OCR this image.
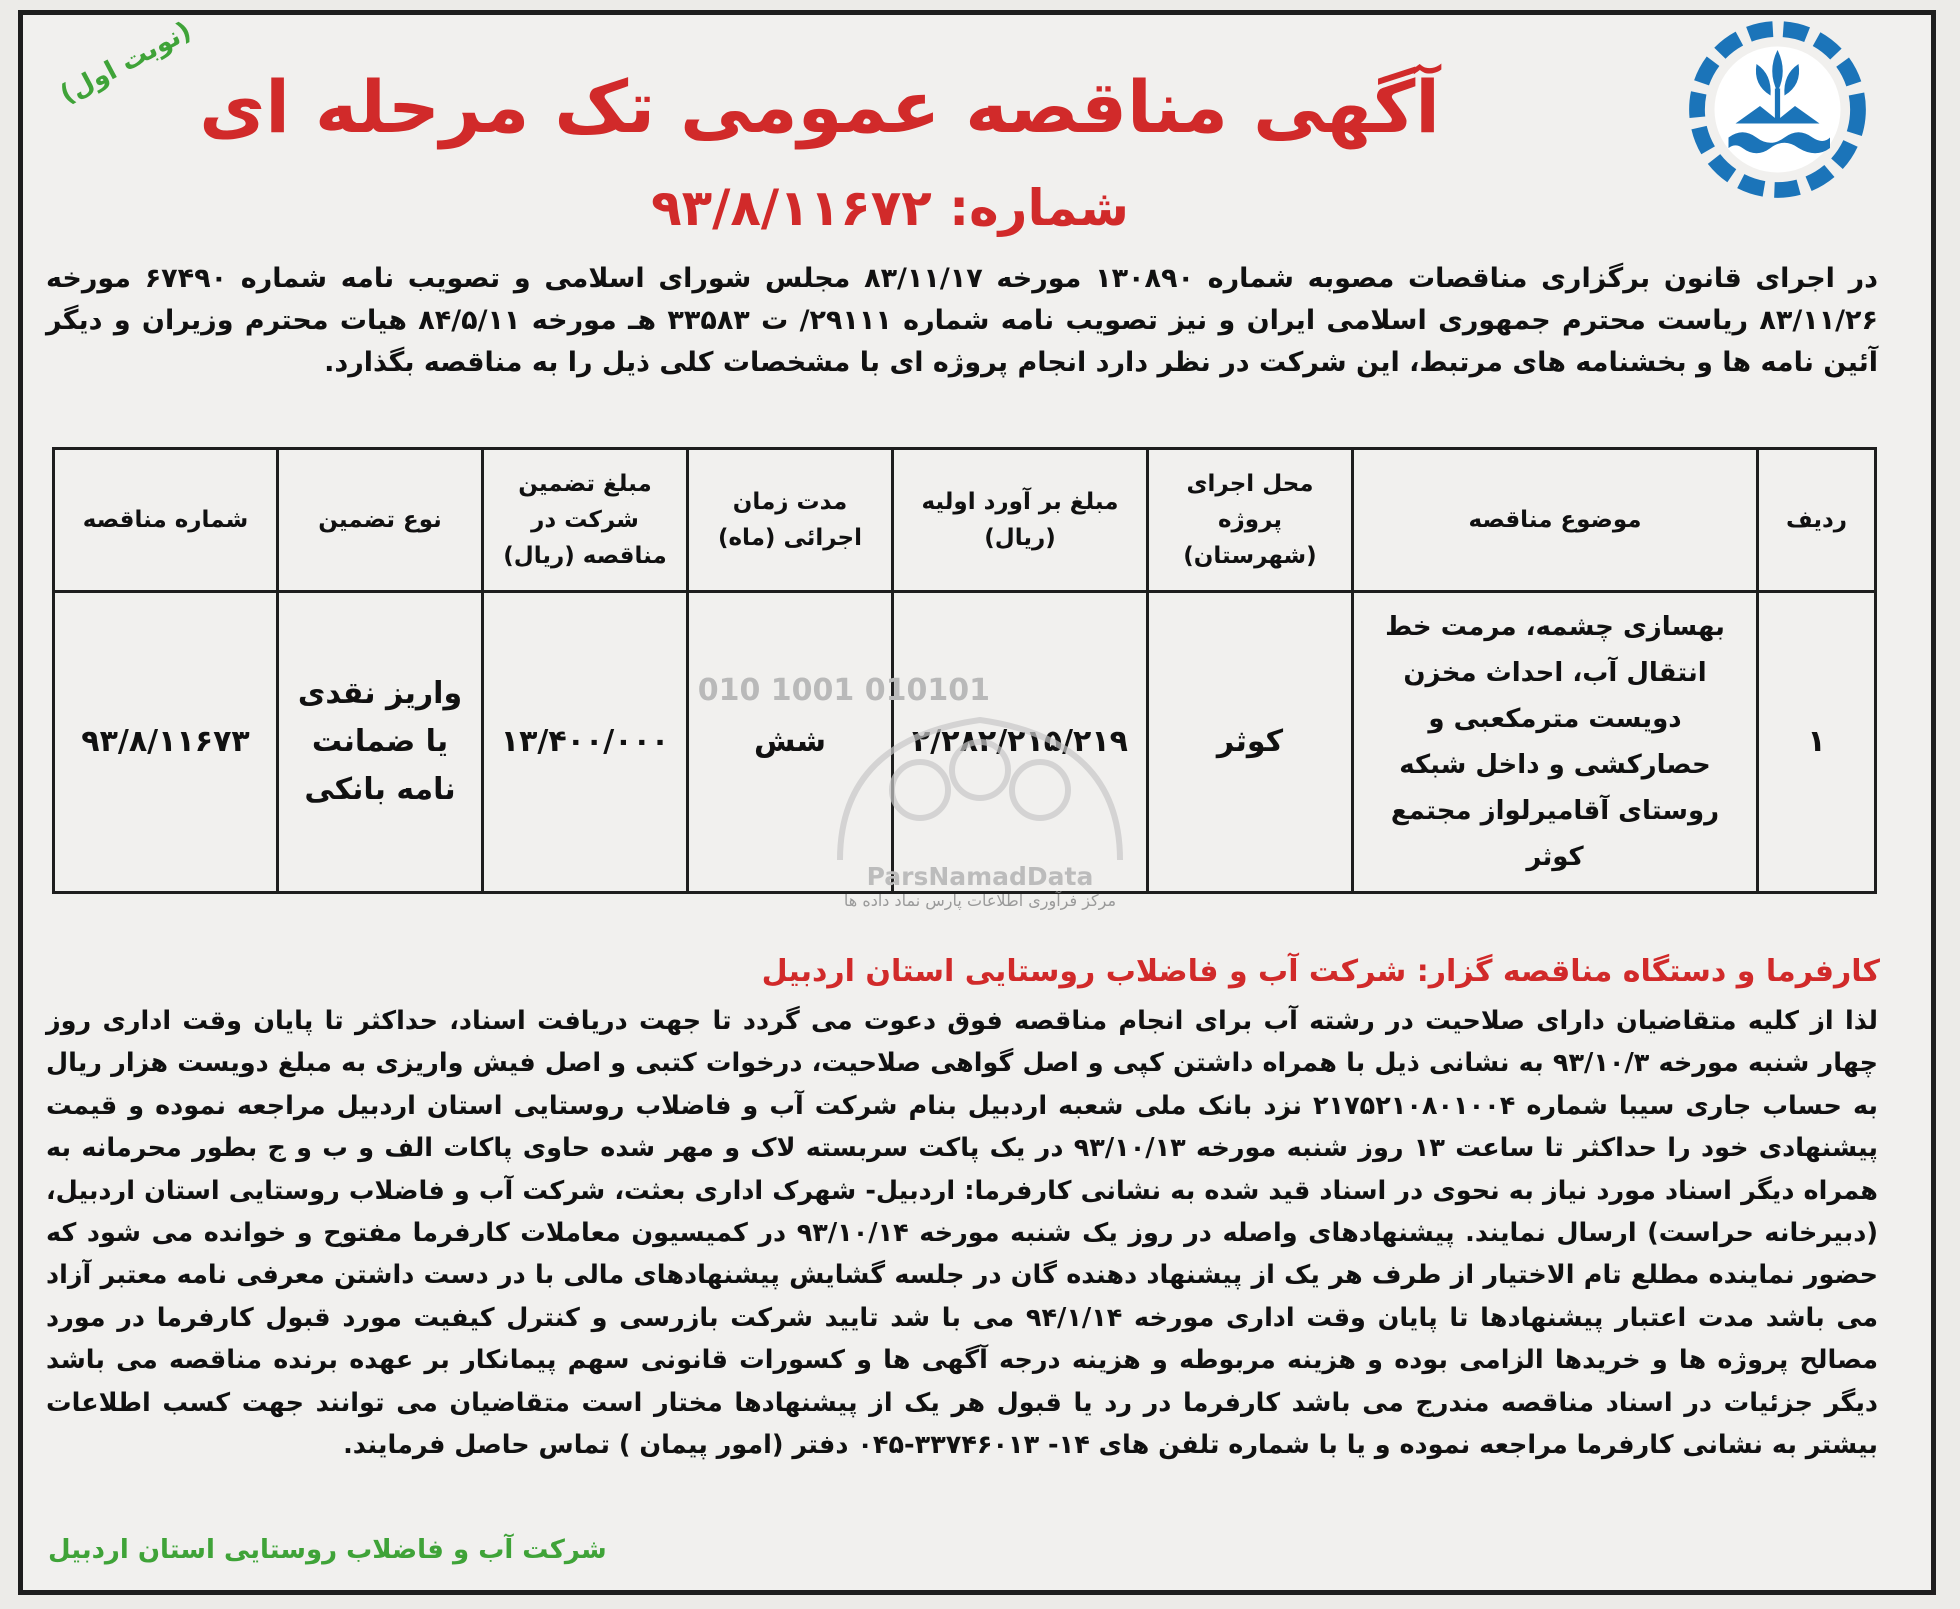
(نوبت اول) آگهی مناقصه عمومی تک مرحله ای
شماره: ۹۳/۸/۱۱۶۷۲
در اجرای قانون برگزاری مناقصات مصوبه شماره ۱۳۰۸۹۰ مورخه ۸۳/۱۱/۱۷ مجلس شورای اسلامی و تصویب نامه شماره ۶۷۴۹۰ مورخه ۸۳/۱۱/۲۶ ریاست محترم جمهوری اسلامی ایران و نیز تصویب نامه شماره ۲۹۱۱۱/ ت ۳۳۵۸۳ هـ مورخه ۸۴/۵/۱۱ هیات محترم وزیران و دیگر آئین نامه ها و بخشنامه های مرتبط، این شرکت در نظر دارد انجام پروژه ای با مشخصات کلی ذیل را به مناقصه بگذارد.
ردیف	موضوع مناقصه	محل اجرای پروژه (شهرستان)	مبلغ بر آورد اولیه (ریال)	مدت زمان اجرائی (ماه)	مبلغ تضمین شرکت در مناقصه (ریال)	نوع تضمین	شماره مناقصه
۱	بهسازی چشمه، مرمت خط انتقال آب، احداث مخزن دویست مترمکعبی و حصارکشی و داخل شبکه روستای آقامیرلواز مجتمع کوثر	کوثر	۲/۲۸۲/۲۱۵/۲۱۹	شش	۱۳/۴۰۰/۰۰۰	واریز نقدی یا ضمانت نامه بانکی	۹۳/۸/۱۱۶۷۳
010101 1001 010
ParsNamadData
مرکز فرآوری اطلاعات پارس نماد داده ها
کارفرما و دستگاه مناقصه گزار: شرکت آب و فاضلاب روستایی استان اردبیل
لذا از کلیه متقاضیان دارای صلاحیت در رشته آب برای انجام مناقصه فوق دعوت می گردد تا جهت دریافت اسناد، حداکثر تا پایان وقت اداری روز چهار شنبه مورخه ۹۳/۱۰/۳ به نشانی ذیل با همراه داشتن کپی و اصل گواهی صلاحیت، درخوات کتبی و اصل فیش واریزی به مبلغ دویست هزار ریال به حساب جاری سیبا شماره ۲۱۷۵۲۱۰۸۰۱۰۰۴ نزد بانک ملی شعبه اردبیل بنام شرکت آب و فاضلاب روستایی استان اردبیل مراجعه نموده و قیمت پیشنهادی خود را حداکثر تا ساعت ۱۳ روز شنبه مورخه ۹۳/۱۰/۱۳ در یک پاکت سربسته لاک و مهر شده حاوی پاکات الف و ب و ج بطور محرمانه به همراه دیگر اسناد مورد نیاز به نحوی در اسناد قید شده به نشانی کارفرما: اردبیل- شهرک اداری بعثت، شرکت آب و فاضلاب روستایی استان اردبیل، (دبیرخانه حراست) ارسال نمایند. پیشنهادهای واصله در روز یک شنبه مورخه ۹۳/۱۰/۱۴ در کمیسیون معاملات کارفرما مفتوح و خوانده می شود که حضور نماینده مطلع تام الاختیار از طرف هر یک از پیشنهاد دهنده گان در جلسه گشایش پیشنهادهای مالی با در دست داشتن معرفی نامه معتبر آزاد می باشد مدت اعتبار پیشنهادها تا پایان وقت اداری مورخه ۹۴/۱/۱۴ می با شد تایید شرکت بازرسی و کنترل کیفیت مورد قبول کارفرما در مورد مصالح پروژه ها و خریدها الزامی بوده و هزینه مربوطه و هزینه درجه آگهی ها و کسورات قانونی سهم پیمانکار بر عهده برنده مناقصه می باشد دیگر جزئیات در اسناد مناقصه مندرج می باشد کارفرما در رد یا قبول هر یک از پیشنهادها مختار است متقاضیان می توانند جهت کسب اطلاعات بیشتر به نشانی کارفرما مراجعه نموده و یا با شماره تلفن های ۱۴- ۳۳۷۴۶۰۱۳-۰۴۵ دفتر (امور پیمان ) تماس حاصل فرمایند.
شرکت آب و فاضلاب روستایی استان اردبیل
